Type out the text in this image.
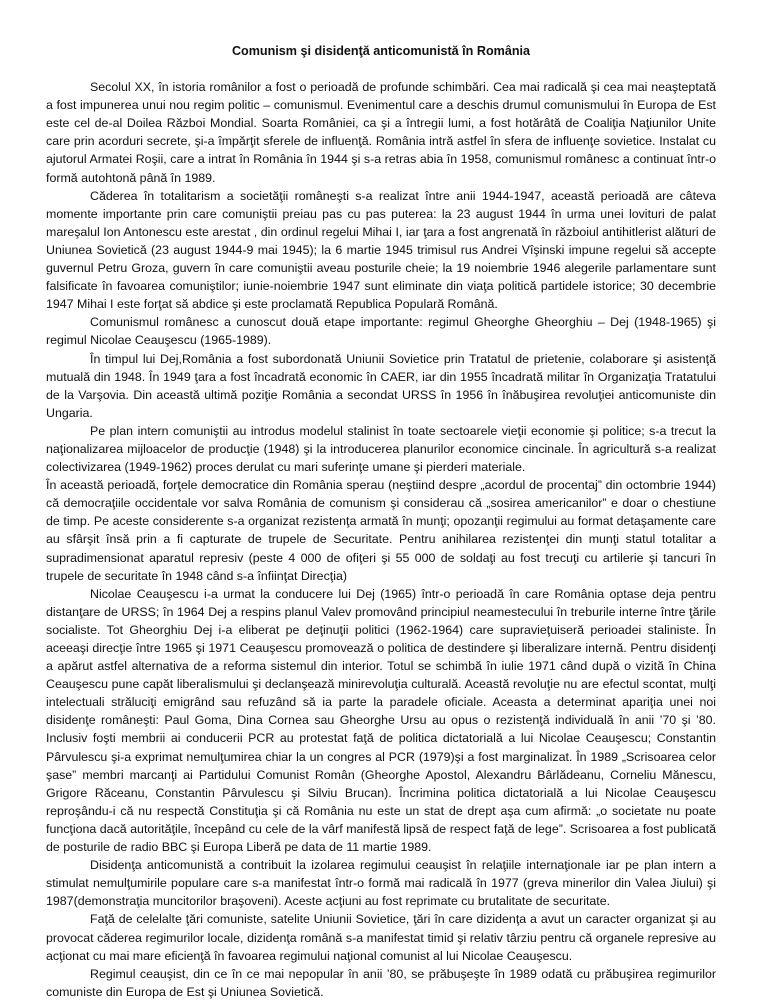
Comunism şi disidenţă anticomunistă în România

Secolul XX, în istoria românilor a fost o perioadă de profunde schimbări. Cea mai radicală şi cea mai neaşteptată a fost impunerea unui nou regim politic – comunismul. Evenimentul care a deschis drumul comunismului în Europa de Est este cel de-al Doilea Război Mondial. Soarta României, ca şi a întregii lumi, a fost hotărâtă de Coaliţia Naţiunilor Unite care prin acorduri secrete, şi-a împărţit sferele de influenţă. România intră astfel în sfera de influenţe sovietice. Instalat cu ajutorul Armatei Roşii, care a intrat în România în 1944 şi s-a retras abia în 1958, comunismul românesc a continuat într-o formă autohtonă până în 1989.

Căderea în totalitarism a societăţii româneşti s-a realizat între anii 1944-1947, această perioadă are câteva momente importante prin care comuniştii preiau pas cu pas puterea: la 23 august 1944 în urma unei lovituri de palat mareşalul Ion Antonescu este arestat , din ordinul regelui Mihai I, iar ţara a fost angrenată în războiul antihitlerist alături de Uniunea Sovietică (23 august 1944-9 mai 1945); la 6 martie 1945 trimisul rus Andrei Vîşinski impune regelui să accepte guvernul Petru Groza, guvern în care comuniştii aveau posturile cheie; la 19 noiembrie 1946 alegerile parlamentare sunt falsificate în favoarea comuniştilor; iunie-noiembrie 1947 sunt eliminate din viaţa politică partidele istorice; 30 decembrie 1947 Mihai I este forţat să abdice şi este proclamată Republica Populară Română.

Comunismul românesc a cunoscut două etape importante: regimul Gheorghe Gheorghiu – Dej (1948-1965) şi regimul Nicolae Ceauşescu (1965-1989).

În timpul lui Dej,România a fost subordonată Uniunii Sovietice prin Tratatul de prietenie, colaborare şi asistenţă mutuală din 1948. În 1949 ţara a fost încadrată economic în CAER, iar din 1955 încadrată militar în Organizaţia Tratatului de la Varşovia. Din această ultimă poziţie România a secondat URSS în 1956 în înăbuşirea revoluţiei anticomuniste din Ungaria.

Pe plan intern comuniştii au introdus modelul stalinist în toate sectoarele vieţii economie şi politice; s-a trecut la naţionalizarea mijloacelor de producţie (1948) şi la introducerea planurilor economice cincinale. În agricultură s-a realizat colectivizarea (1949-1962) proces derulat cu mari suferinţe umane şi pierderi materiale.

În această perioadă, forţele democratice din România sperau (neştiind despre „acordul de procentaj” din octombrie 1944) că democraţiile occidentale vor salva România de comunism şi considerau că „sosirea americanilor” e doar o chestiune de timp. Pe aceste considerente s-a organizat rezistenţa armată în munţi; opozanţii regimului au format detaşamente care au sfârşit însă prin a fi capturate de trupele de Securitate. Pentru anihilarea rezistenţei din munţi statul totalitar a supradimensionat aparatul represiv (peste 4 000 de ofiţeri şi 55 000 de soldaţi au fost trecuţi cu artilerie şi tancuri în trupele de securitate în 1948 când s-a înfiinţat Direcţia)

Nicolae Ceauşescu i-a urmat la conducere lui Dej (1965) într-o perioadă în care România optase deja pentru distanţare de URSS; în 1964 Dej a respins planul Valev promovând principiul neamestecului în treburile interne între ţările socialiste. Tot Gheorghiu Dej i-a eliberat pe deţinuţii politici (1962-1964) care supravieţuiseră perioadei staliniste. În aceeaşi direcţie între 1965 şi 1971 Ceauşescu promovează o politica de destindere şi liberalizare internă. Pentru disidenţi a apărut astfel alternativa de a reforma sistemul din interior. Totul se schimbă în iulie 1971 când după o vizită în China Ceauşescu pune capăt liberalismului şi declanşează minirevoluţia culturală. Această revoluţie nu are efectul scontat, mulţi intelectuali străluciţi emigrând sau refuzând să ia parte la paradele oficiale. Aceasta a determinat apariţia unei noi disidenţe româneşti: Paul Goma, Dina Cornea sau Gheorghe Ursu au opus o rezistenţă individuală în anii ’70 şi ’80. Inclusiv foşti membrii ai conducerii PCR au protestat faţă de politica dictatorială a lui Nicolae Ceauşescu; Constantin Pârvulescu şi-a exprimat nemulţumirea chiar la un congres al PCR (1979)şi a fost marginalizat. În 1989 „Scrisoarea celor şase” membri marcanţi ai Partidului Comunist Român (Gheorghe Apostol, Alexandru Bârlădeanu, Corneliu Mănescu, Grigore Răceanu, Constantin Pârvulescu şi Silviu Brucan). Încrimina politica dictatorială a lui Nicolae Ceauşescu reproşându-i că nu respectă Constituţia şi că România nu este un stat de drept aşa cum afirmă: „o societate nu poate funcţiona dacă autorităţile, începând cu cele de la vârf manifestă lipsă de respect faţă de lege”. Scrisoarea a fost publicată de posturile de radio BBC şi Europa Liberă pe data de 11 martie 1989.

Disidenţa anticomunistă a contribuit la izolarea regimului ceauşist în relaţiile internaţionale iar pe plan intern a stimulat nemulţumirile populare care s-a manifestat într-o formă mai radicală în 1977 (greva minerilor din Valea Jiului) şi 1987(demonstraţia muncitorilor braşoveni). Aceste acţiuni au fost reprimate cu brutalitate de securitate.

Faţă de celelalte ţări comuniste, satelite Uniunii Sovietice, ţări în care dizidenţa a avut un caracter organizat şi au provocat căderea regimurilor locale, dizidenţa română s-a manifestat timid şi relativ târziu pentru că organele represive au acţionat cu mai mare eficienţă în favoarea regimului naţional comunist al lui Nicolae Ceauşescu.

Regimul ceauşist, din ce în ce mai nepopular în anii ’80, se prăbuşeşte în 1989 odată cu prăbuşirea regimurilor comuniste din Europa de Est şi Uniunea Sovietică.
